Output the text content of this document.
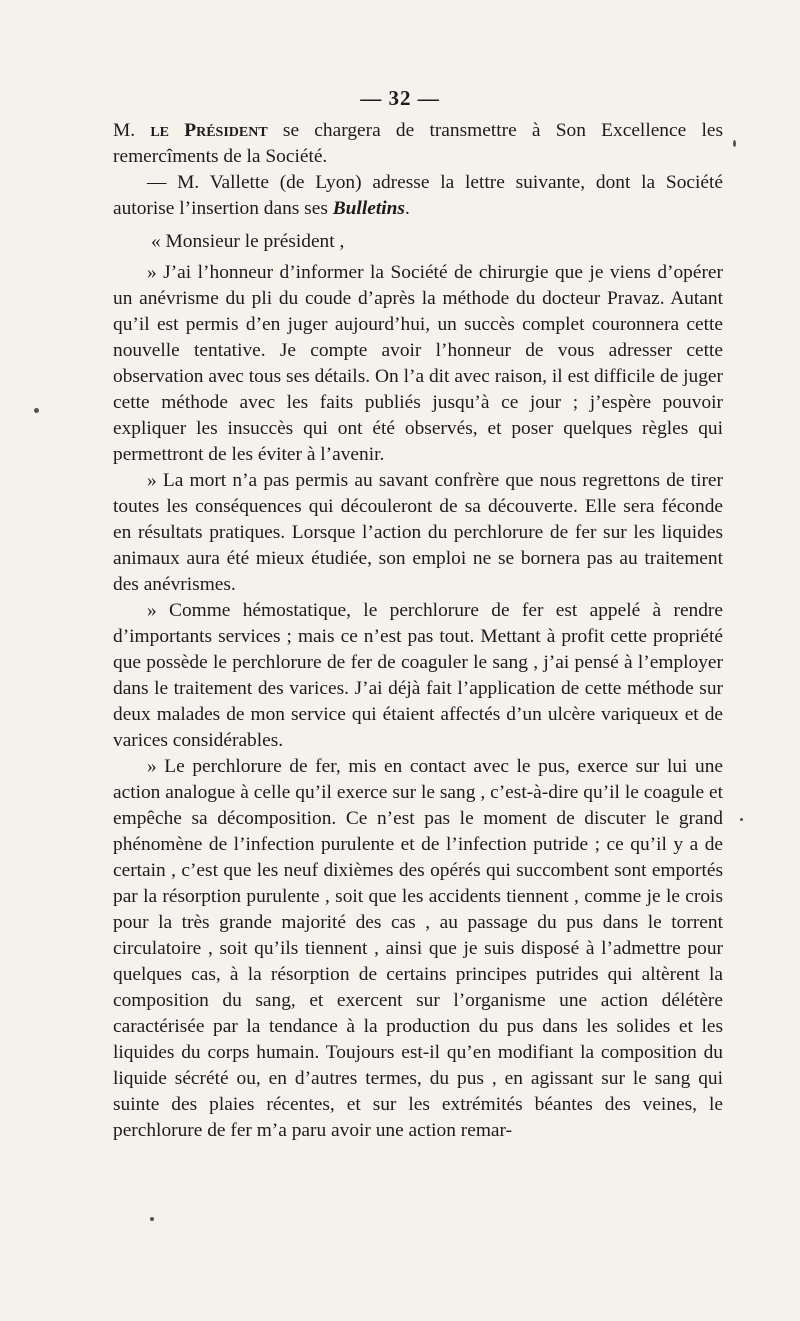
— 32 —

M. le Président se chargera de transmettre à Son Excellence les remercîments de la Société.

— M. Vallette (de Lyon) adresse la lettre suivante, dont la Société autorise l’insertion dans ses Bulletins.

« Monsieur le président ,

» J’ai l’honneur d’informer la Société de chirurgie que je viens d’opérer un anévrisme du pli du coude d’après la méthode du docteur Pravaz. Autant qu’il est permis d’en juger aujourd’hui, un succès complet couronnera cette nouvelle tentative. Je compte avoir l’honneur de vous adresser cette observation avec tous ses détails. On l’a dit avec raison, il est difficile de juger cette méthode avec les faits publiés jusqu’à ce jour ; j’espère pouvoir expliquer les insuccès qui ont été observés, et poser quelques règles qui permettront de les éviter à l’avenir.

» La mort n’a pas permis au savant confrère que nous regrettons de tirer toutes les conséquences qui découleront de sa découverte. Elle sera féconde en résultats pratiques. Lorsque l’action du perchlorure de fer sur les liquides animaux aura été mieux étudiée, son emploi ne se bornera pas au traitement des anévrismes.

» Comme hémostatique, le perchlorure de fer est appelé à rendre d’importants services ; mais ce n’est pas tout. Mettant à profit cette propriété que possède le perchlorure de fer de coaguler le sang , j’ai pensé à l’employer dans le traitement des varices. J’ai déjà fait l’application de cette méthode sur deux malades de mon service qui étaient affectés d’un ulcère variqueux et de varices considérables.

» Le perchlorure de fer, mis en contact avec le pus, exerce sur lui une action analogue à celle qu’il exerce sur le sang , c’est-à-dire qu’il le coagule et empêche sa décomposition. Ce n’est pas le moment de discuter le grand phénomène de l’infection purulente et de l’infection putride ; ce qu’il y a de certain , c’est que les neuf dixièmes des opérés qui succombent sont emportés par la résorption purulente , soit que les accidents tiennent , comme je le crois pour la très grande majorité des cas , au passage du pus dans le torrent circulatoire , soit qu’ils tiennent , ainsi que je suis disposé à l’admettre pour quelques cas, à la résorption de certains principes putrides qui altèrent la composition du sang, et exercent sur l’organisme une action délétère caractérisée par la tendance à la production du pus dans les solides et les liquides du corps humain. Toujours est-il qu’en modifiant la composition du liquide sécrété ou, en d’autres termes, du pus , en agissant sur le sang qui suinte des plaies récentes, et sur les extrémités béantes des veines, le perchlorure de fer m’a paru avoir une action remar-
